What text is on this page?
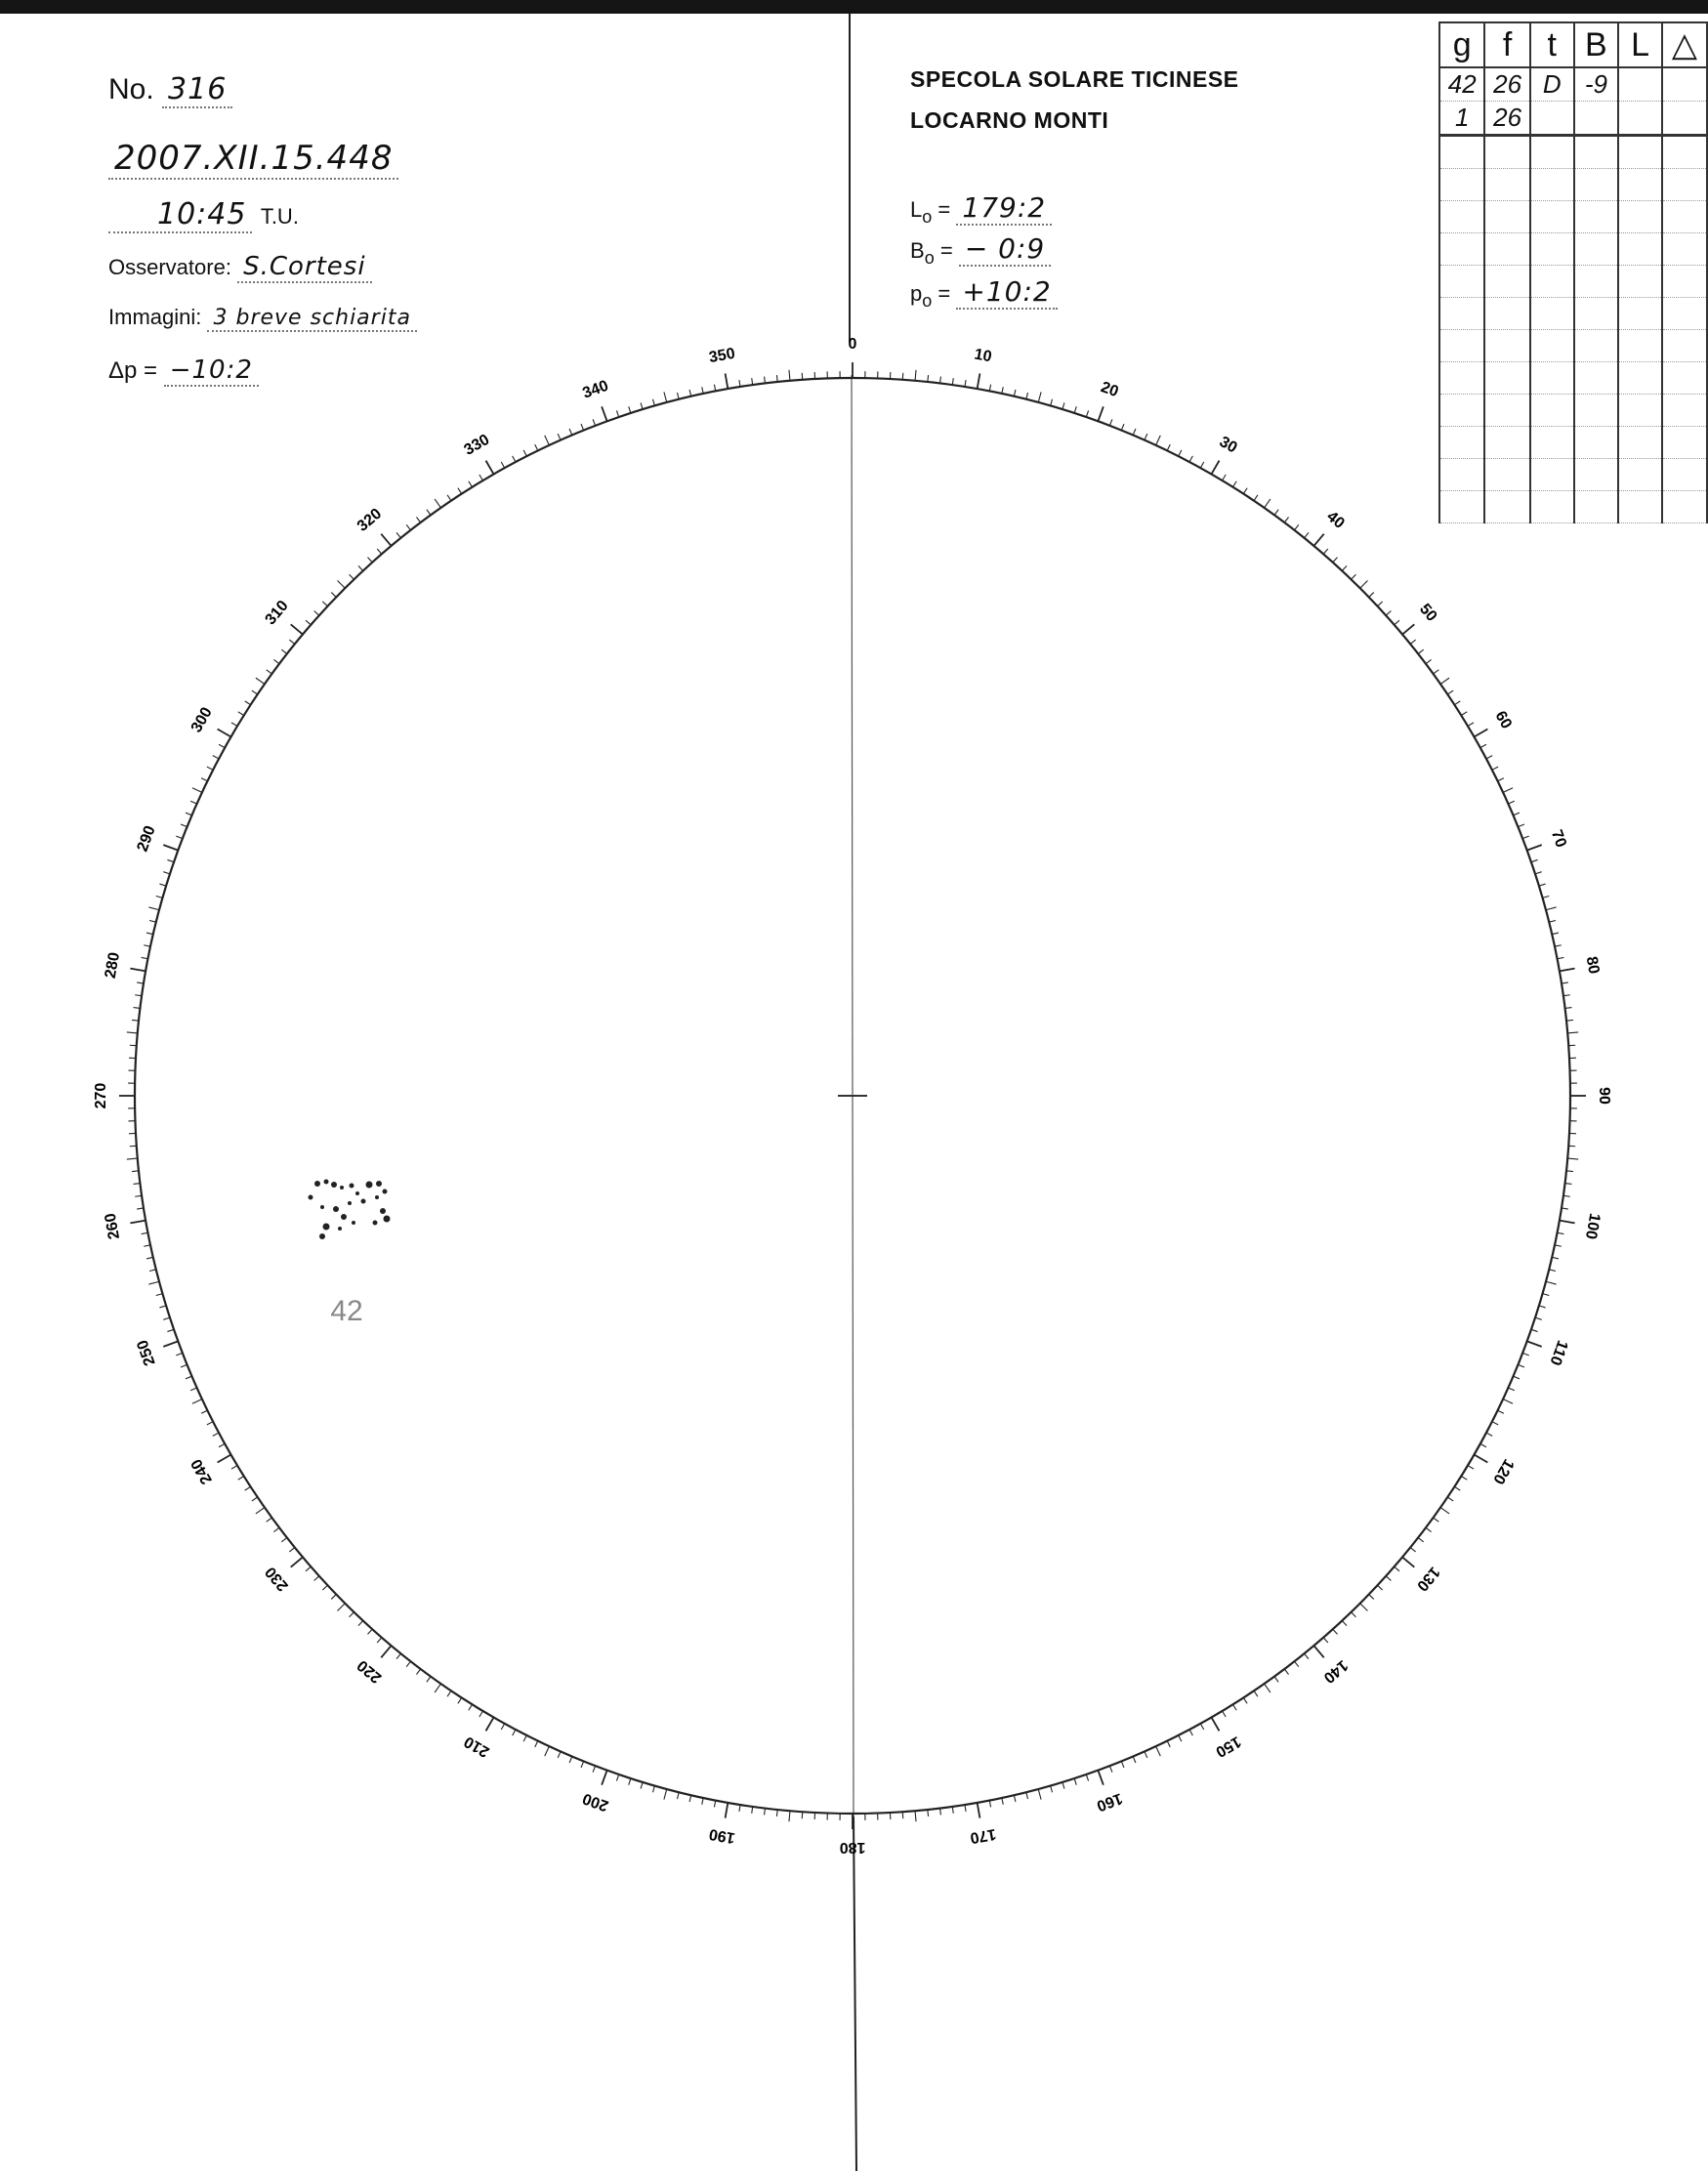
No. 316
2007.XII.15.448
10:45 T.U.
Osservatore: S.Cortesi
Immagini: 3 breve schiarita
Δp = −10:2
SPECOLA SOLARE TICINESE
LOCARNO MONTI
$L_o$ = 179:2
$B_o$ = − 0:9
$p_o$ = +10:2
g	f	t	B	L	△
42	26	D	-9		
1	26				

0
10
20
30
40
50
60
70
80
90
100
110
120
130
140
150
160
170
180
190
200
210
220
230
240
250
260
270
280
290
300
310
320
330
340
350
42
